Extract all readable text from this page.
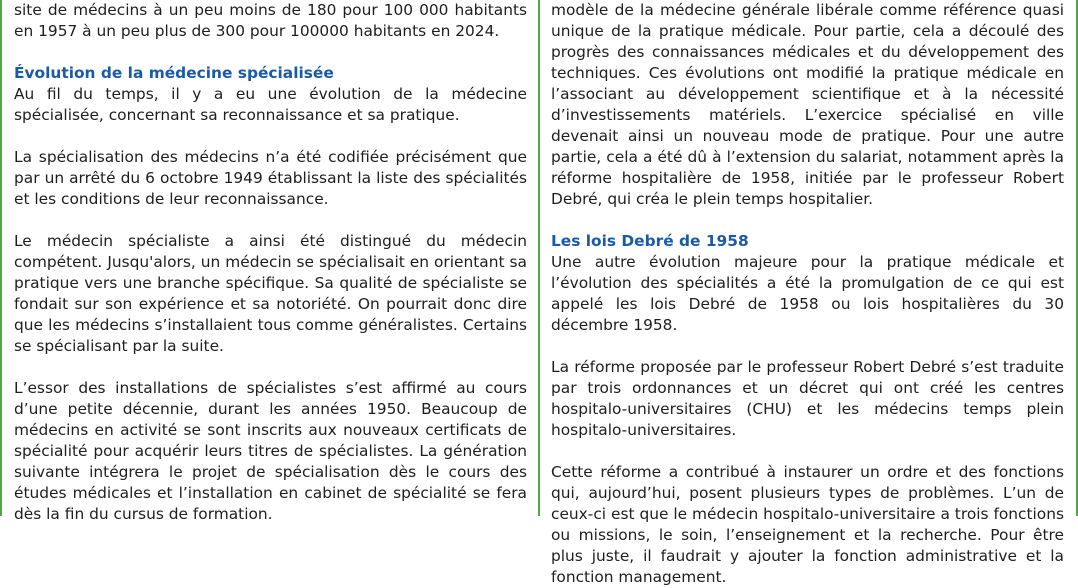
site de médecins à un peu moins de 180 pour 100 000 habitants en 1957 à un peu plus de 300 pour 100000 habitants en 2024.

Évolution de la médecine spécialisée

Au fil du temps, il y a eu une évolution de la médecine spécialisée, concernant sa reconnaissance et sa pratique.

La spécialisation des médecins n’a été codifiée précisément que par un arrêté du 6 octobre 1949 établissant la liste des spécialités et les conditions de leur reconnaissance.

Le médecin spécialiste a ainsi été distingué du médecin compétent. Jusqu'alors, un médecin se spécialisait en orientant sa pratique vers une branche spécifique. Sa qualité de spécialiste se fondait sur son expérience et sa notoriété. On pourrait donc dire que les médecins s’installaient tous comme généralistes. Certains se spécialisant par la suite.

L’essor des installations de spécialistes s’est affirmé au cours d’une petite décennie, durant les années 1950. Beaucoup de médecins en activité se sont inscrits aux nouveaux certificats de spécialité pour acquérir leurs titres de spécialistes. La génération suivante intégrera le projet de spécialisation dès le cours des études médicales et l’installation en cabinet de spécialité se fera dès la fin du cursus de formation.

modèle de la médecine générale libérale comme référence quasi unique de la pratique médicale. Pour partie, cela a découlé des progrès des connaissances médicales et du développement des techniques. Ces évolutions ont modifié la pratique médicale en l’associant au développement scientifique et à la nécessité d’investissements matériels. L’exercice spécialisé en ville devenait ainsi un nouveau mode de pratique. Pour une autre partie, cela a été dû à l’extension du salariat, notamment après la réforme hospitalière de 1958, initiée par le professeur Robert Debré, qui créa le plein temps hospitalier.

Les lois Debré de 1958

Une autre évolution majeure pour la pratique médicale et l’évolution des spécialités a été la promulgation de ce qui est appelé les lois Debré de 1958 ou lois hospitalières du 30 décembre 1958.

La réforme proposée par le professeur Robert Debré s’est traduite par trois ordonnances et un décret qui ont créé les centres hospitalo-universitaires (CHU) et les médecins temps plein hospitalo-universitaires.

Cette réforme a contribué à instaurer un ordre et des fonctions qui, aujourd’hui, posent plusieurs types de problèmes. L’un de ceux-ci est que le médecin hospitalo-universitaire a trois fonctions ou missions, le soin, l’enseignement et la recherche. Pour être plus juste, il faudrait y ajouter la fonction administrative et la fonction management.
